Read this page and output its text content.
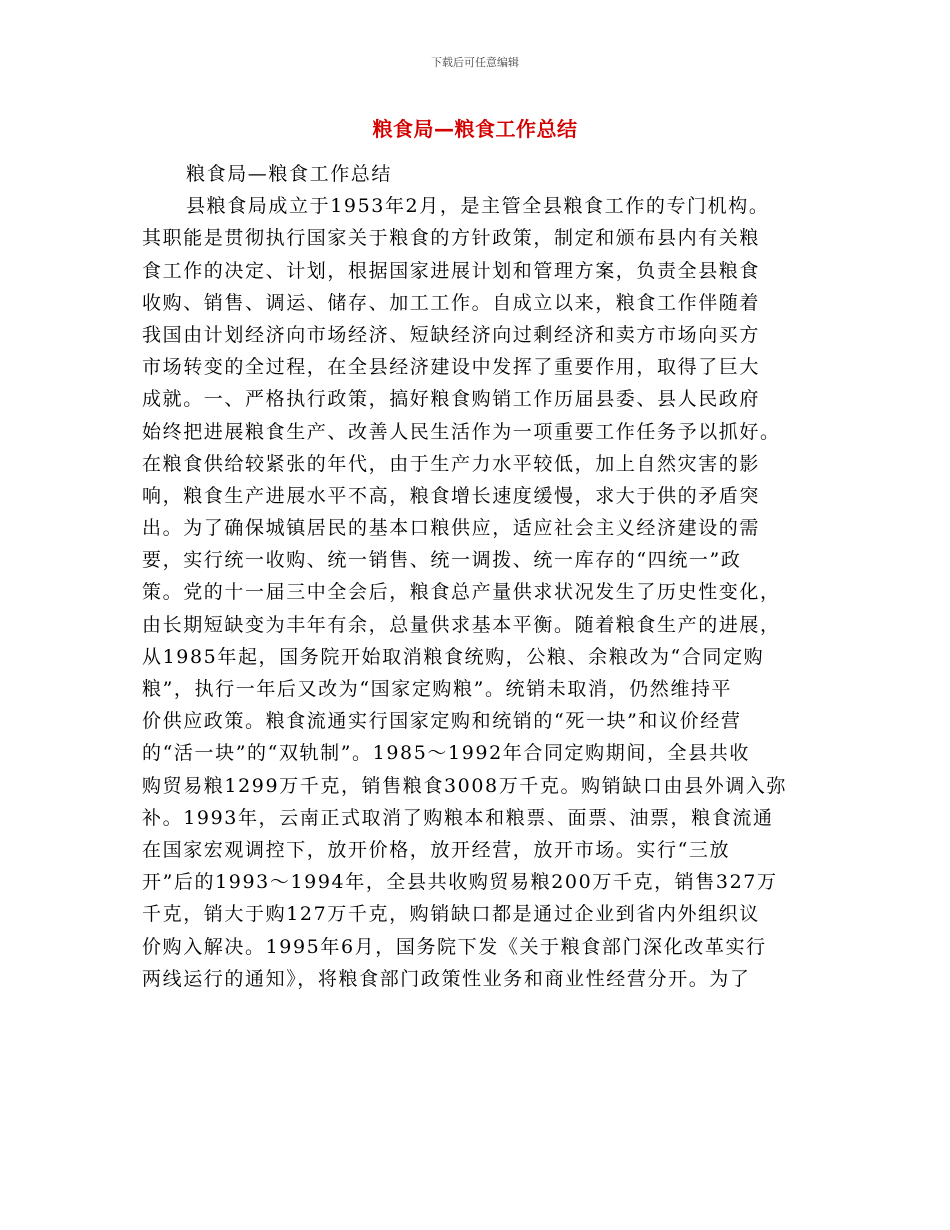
下载后可任意编辑
粮食局—粮食工作总结
粮食局—粮食工作总结
县粮食局成立于1953年2月，是主管全县粮食工作的专门机构。
其职能是贯彻执行国家关于粮食的方针政策，制定和颁布县内有关粮
食工作的决定、计划，根据国家进展计划和管理方案，负责全县粮食
收购、销售、调运、储存、加工工作。自成立以来，粮食工作伴随着
我国由计划经济向市场经济、短缺经济向过剩经济和卖方市场向买方
市场转变的全过程，在全县经济建设中发挥了重要作用，取得了巨大
成就。一、严格执行政策，搞好粮食购销工作历届县委、县人民政府
始终把进展粮食生产、改善人民生活作为一项重要工作任务予以抓好。
在粮食供给较紧张的年代，由于生产力水平较低，加上自然灾害的影
响，粮食生产进展水平不高，粮食增长速度缓慢，求大于供的矛盾突
出。为了确保城镇居民的基本口粮供应，适应社会主义经济建设的需
要，实行统一收购、统一销售、统一调拨、统一库存的“四统一”政
策。党的十一届三中全会后，粮食总产量供求状况发生了历史性变化，
由长期短缺变为丰年有余，总量供求基本平衡。随着粮食生产的进展，
从1985年起，国务院开始取消粮食统购，公粮、余粮改为“合同定购
粮”，执行一年后又改为“国家定购粮”。统销未取消，仍然维持平
价供应政策。粮食流通实行国家定购和统销的“死一块”和议价经营
的“活一块”的“双轨制”。1985～1992年合同定购期间，全县共收
购贸易粮1299万千克，销售粮食3008万千克。购销缺口由县外调入弥
补。1993年，云南正式取消了购粮本和粮票、面票、油票，粮食流通
在国家宏观调控下，放开价格，放开经营，放开市场。实行“三放
开”后的1993～1994年，全县共收购贸易粮200万千克，销售327万
千克，销大于购127万千克，购销缺口都是通过企业到省内外组织议
价购入解决。1995年6月，国务院下发《关于粮食部门深化改革实行
两线运行的通知》，将粮食部门政策性业务和商业性经营分开。为了
